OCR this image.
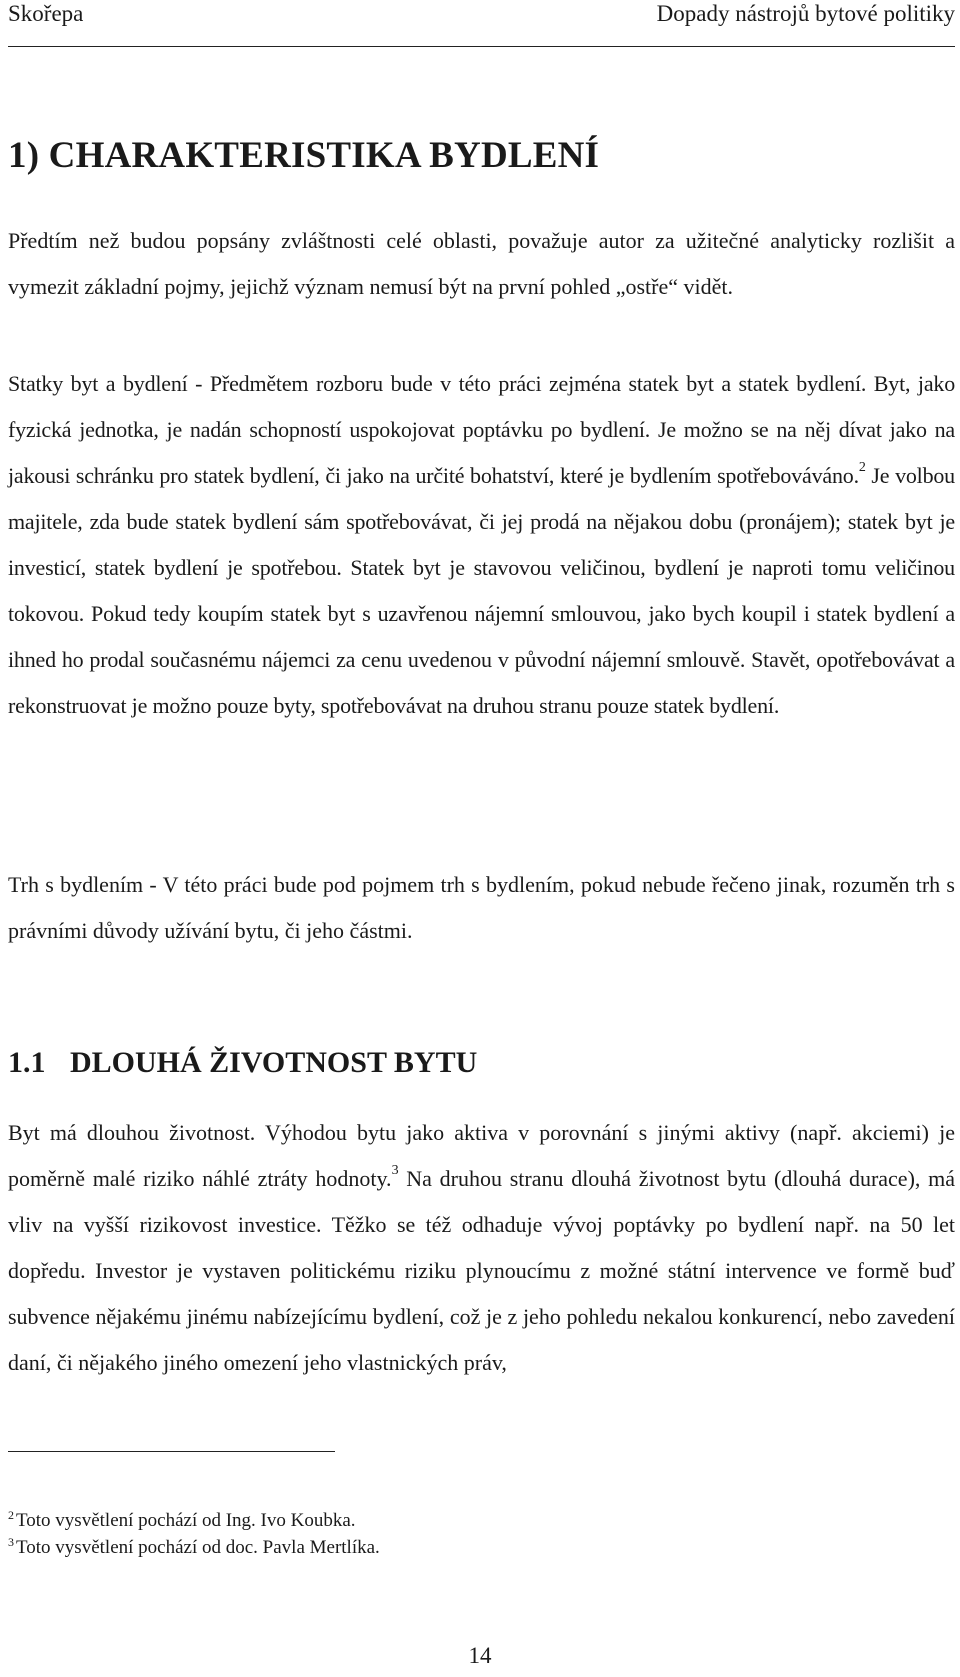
Skořepa	Dopady nástrojů bytové politiky
1) CHARAKTERISTIKA BYDLENÍ

Předtím než budou popsány zvláštnosti celé oblasti, považuje autor za užitečné analyticky rozlišit a vymezit základní pojmy, jejichž význam nemusí být na první pohled „ostře“ vidět.

Statky byt a bydlení - Předmětem rozboru bude v této práci zejména statek byt a statek bydlení. Byt, jako fyzická jednotka, je nadán schopností uspokojovat poptávku po bydlení. Je možno se na něj dívat jako na jakousi schránku pro statek bydlení, či jako na určité bohatství, které je bydlením spotřebováváno.$^2$ Je volbou majitele, zda bude statek bydlení sám spotřebovávat, či jej prodá na nějakou dobu (pronájem); statek byt je investicí, statek bydlení je spotřebou. Statek byt je stavovou veličinou, bydlení je naproti tomu veličinou tokovou. Pokud tedy koupím statek byt s uzavřenou nájemní smlouvou, jako bych koupil i statek bydlení a ihned ho prodal současnému nájemci za cenu uvedenou v původní nájemní smlouvě. Stavět, opotřebovávat a rekonstruovat je možno pouze byty, spotřebovávat na druhou stranu pouze statek bydlení.

Trh s bydlením - V této práci bude pod pojmem trh s bydlením, pokud nebude řečeno jinak, rozuměn trh s právními důvody užívání bytu, či jeho částmi.

1.1 DLOUHÁ ŽIVOTNOST BYTU

Byt má dlouhou životnost. Výhodou bytu jako aktiva v porovnání s jinými aktivy (např. akciemi) je poměrně malé riziko náhlé ztráty hodnoty.$^3$ Na druhou stranu dlouhá životnost bytu (dlouhá durace), má vliv na vyšší rizikovost investice. Těžko se též odhaduje vývoj poptávky po bydlení např. na 50 let dopředu. Investor je vystaven politickému riziku plynoucímu z možné státní intervence ve formě buď subvence nějakému jinému nabízejícímu bydlení, což je z jeho pohledu nekalou konkurencí, nebo zavedení daní, či nějakého jiného omezení jeho vlastnických práv,

$^2$ Toto vysvětlení pochází od Ing. Ivo Koubka.
$^3$ Toto vysvětlení pochází od doc. Pavla Mertlíka.
14
